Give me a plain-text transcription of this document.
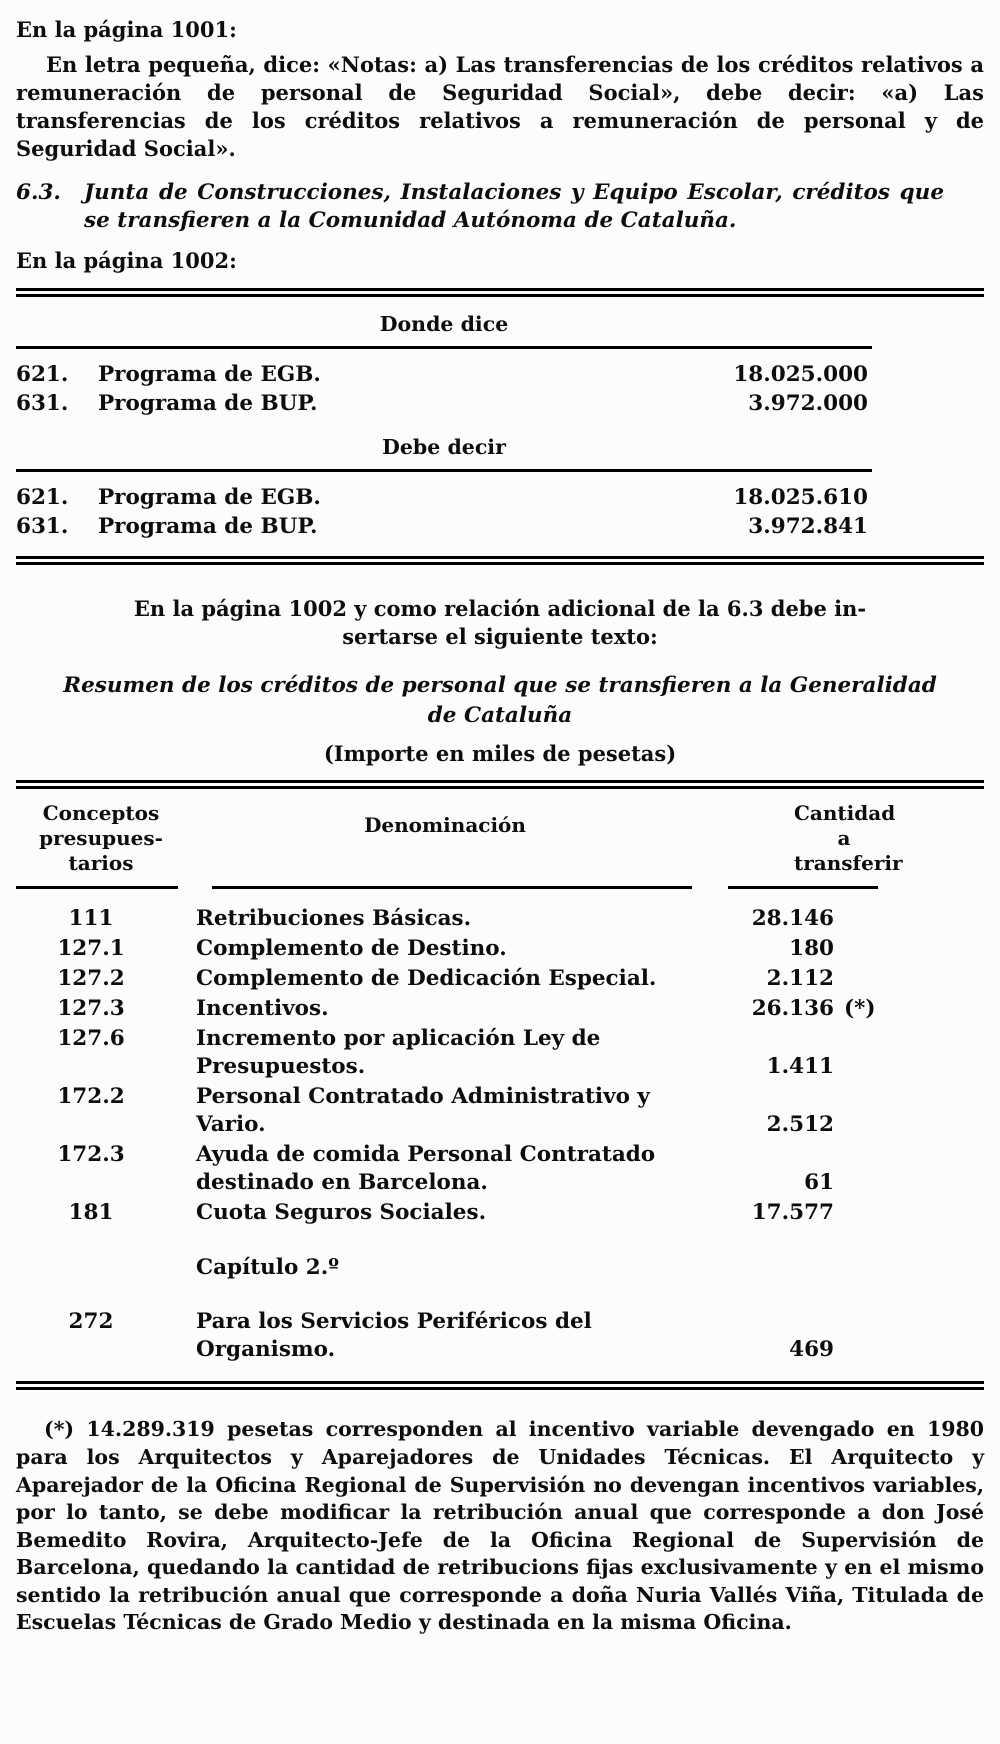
En la página 1001:

En letra pequeña, dice: «Notas: a) Las transferencias de los créditos relativos a remuneración de personal de Seguridad Social», debe decir: «a) Las transferencias de los créditos relativos a remuneración de personal y de Seguridad Social».

6.3.	Junta de Construcciones, Instalaciones y Equipo Escolar, créditos que se transfieren a la Comunidad Autónoma de Cataluña.
En la página 1002:
Donde dice
621.	Programa de EGB.	18.025.000
631.	Programa de BUP.	3.972.000
Debe decir
621.	Programa de EGB.	18.025.610
631.	Programa de BUP.	3.972.841
En la página 1002 y como relación adicional de la 6.3 debe in-
sertarse el siguiente texto:
Resumen de los créditos de personal que se transfieren a la Generalidad de Cataluña
(Importe en miles de pesetas)
Conceptos presupues- tarios
Denominación	Cantidad a transferir
111	Retribuciones Básicas.	28.146
127.1	Complemento de Destino.	180
127.2	Complemento de Dedicación Especial.	2.112
127.3	Incentivos.	26.136 (*)
127.6	Incremento por aplicación Ley de Presupuestos.	1.411
172.2	Personal Contratado Administrativo y Vario.	2.512
172.3	Ayuda de comida Personal Contratado destinado en Barcelona.	61
181	Cuota Seguros Sociales.	17.577
Capítulo 2.º
272	Para los Servicios Periféricos del Organismo.	469

(*) 14.289.319 pesetas corresponden al incentivo variable devengado en 1980 para los Arquitectos y Aparejadores de Unidades Técnicas. El Arquitecto y Aparejador de la Oficina Regional de Supervisión no devengan incentivos variables, por lo tanto, se debe modificar la retribución anual que corresponde a don José Bemedito Rovira, Arquitecto-Jefe de la Oficina Regional de Supervisión de Barcelona, quedando la cantidad de retribucions fijas exclusivamente y en el mismo sentido la retribución anual que corresponde a doña Nuria Vallés Viña, Titulada de Escuelas Técnicas de Grado Medio y destinada en la misma Oficina.
